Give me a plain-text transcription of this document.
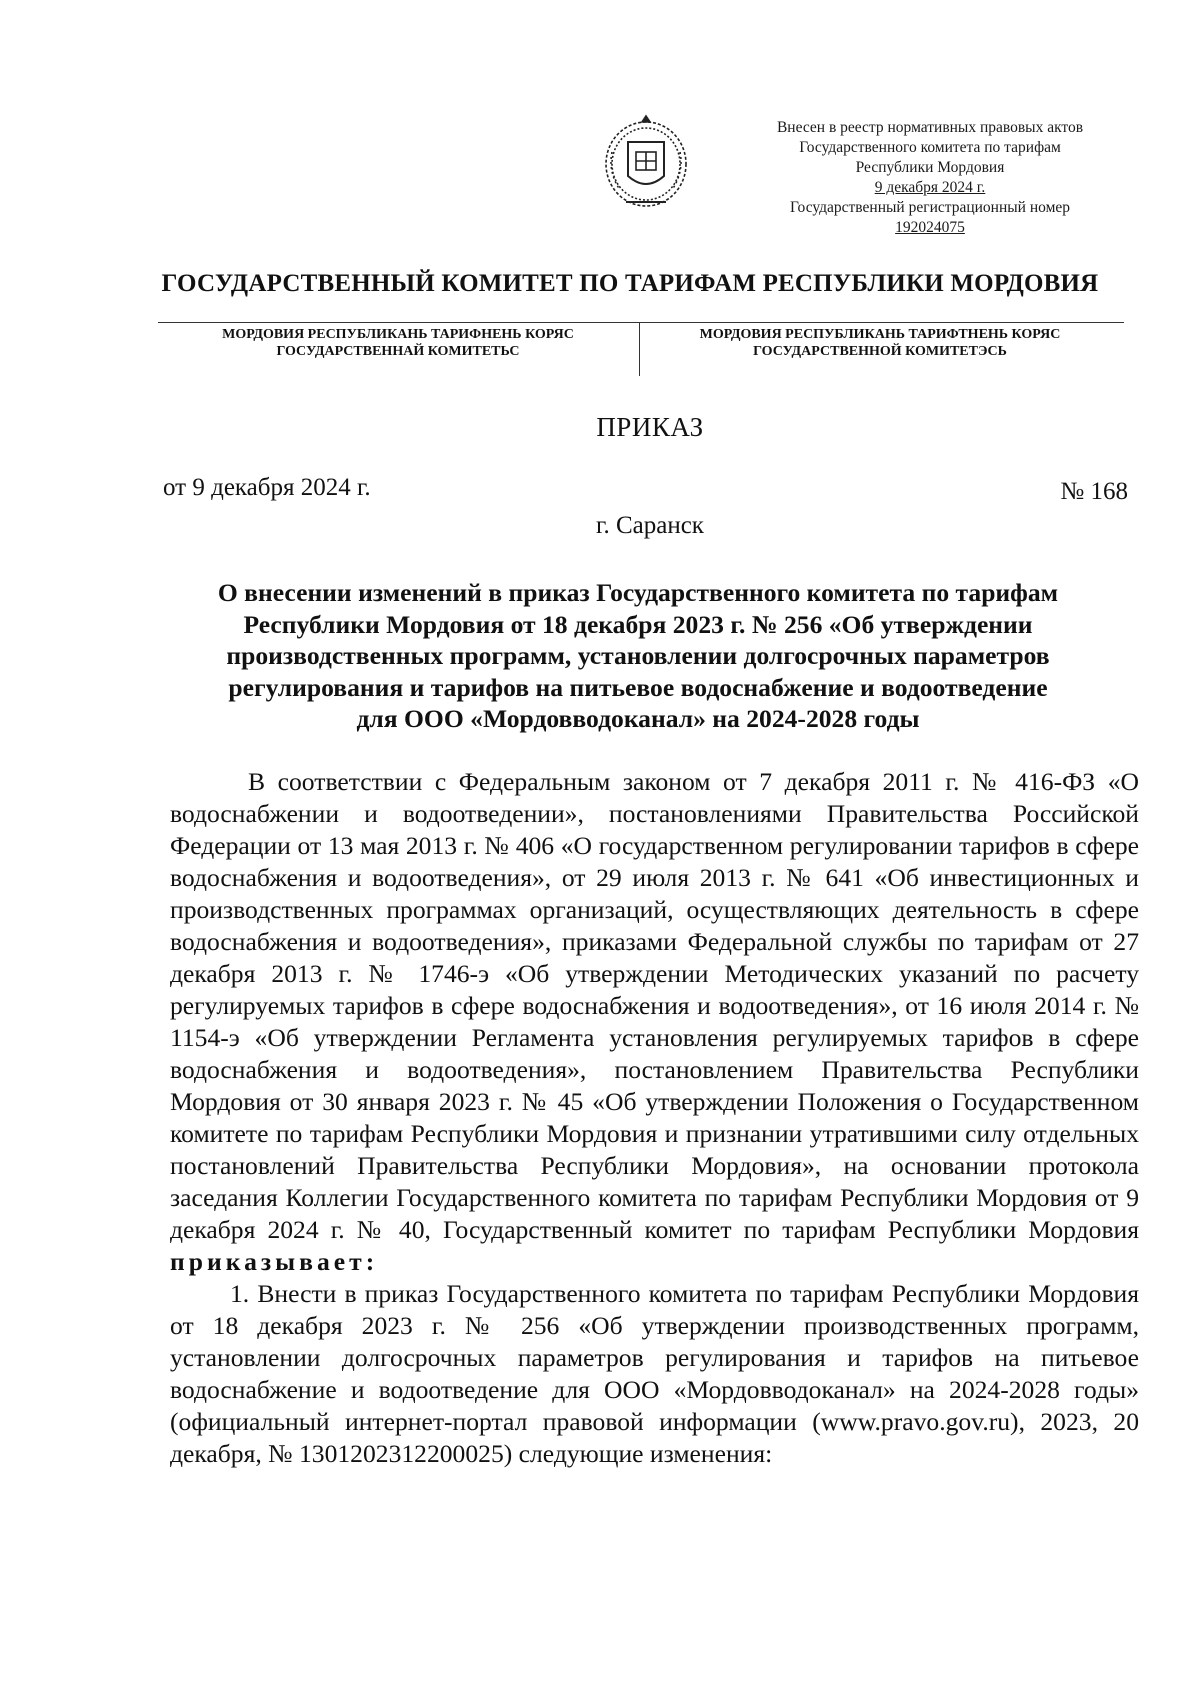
Внесен в реестр нормативных правовых актов
Государственного комитета по тарифам
Республики Мордовия
9 декабря 2024 г.
Государственный регистрационный номер
192024075
ГОСУДАРСТВЕННЫЙ КОМИТЕТ ПО ТАРИФАМ РЕСПУБЛИКИ МОРДОВИЯ
МОРДОВИЯ РЕСПУБЛИКАНЬ ТАРИФНЕНЬ КОРЯС
ГОСУДАРСТВЕННАЙ КОМИТЕТЬС
МОРДОВИЯ РЕСПУБЛИКАНЬ ТАРИФТНЕНЬ КОРЯС
ГОСУДАРСТВЕННОЙ КОМИТЕТЭСЬ
ПРИКАЗ
от 9 декабря 2024 г.	№ 168
г. Саранск
О внесении изменений в приказ Государственного комитета по тарифам
Республики Мордовия от 18 декабря 2023 г. № 256 «Об утверждении
производственных программ, установлении долгосрочных параметров
регулирования и тарифов на питьевое водоснабжение и водоотведение
для ООО «Мордовводоканал» на 2024-2028 годы

В соответствии с Федеральным законом от 7 декабря 2011 г. № 416-ФЗ «О водоснабжении и водоотведении», постановлениями Правительства Российской Федерации от 13 мая 2013 г. № 406 «О государственном регулировании тарифов в сфере водоснабжения и водоотведения», от 29 июля 2013 г. № 641 «Об инвестиционных и производственных программах организаций, осуществляющих деятельность в сфере водоснабжения и водоотведения», приказами Федеральной службы по тарифам от 27 декабря 2013 г. № 1746-э «Об утверждении Методических указаний по расчету регулируемых тарифов в сфере водоснабжения и водоотведения», от 16 июля 2014 г. № 1154-э «Об утверждении Регламента установления регулируемых тарифов в сфере водоснабжения и водоотведения», постановлением Правительства Республики Мордовия от 30 января 2023 г. № 45 «Об утверждении Положения о Государственном комитете по тарифам Республики Мордовия и признании утратившими силу отдельных постановлений Правительства Республики Мордовия», на основании протокола заседания Коллегии Государственного комитета по тарифам Республики Мордовия от 9 декабря 2024 г. № 40, Государственный комитет по тарифам Республики Мордовия приказывает:

1. Внести в приказ Государственного комитета по тарифам Республики Мордовия от 18 декабря 2023 г. № 256 «Об утверждении производственных программ, установлении долгосрочных параметров регулирования и тарифов на питьевое водоснабжение и водоотведение для ООО «Мордовводоканал» на 2024-2028 годы» (официальный интернет-портал правовой информации (www.pravo.gov.ru), 2023, 20 декабря, № 1301202312200025) следующие изменения:
